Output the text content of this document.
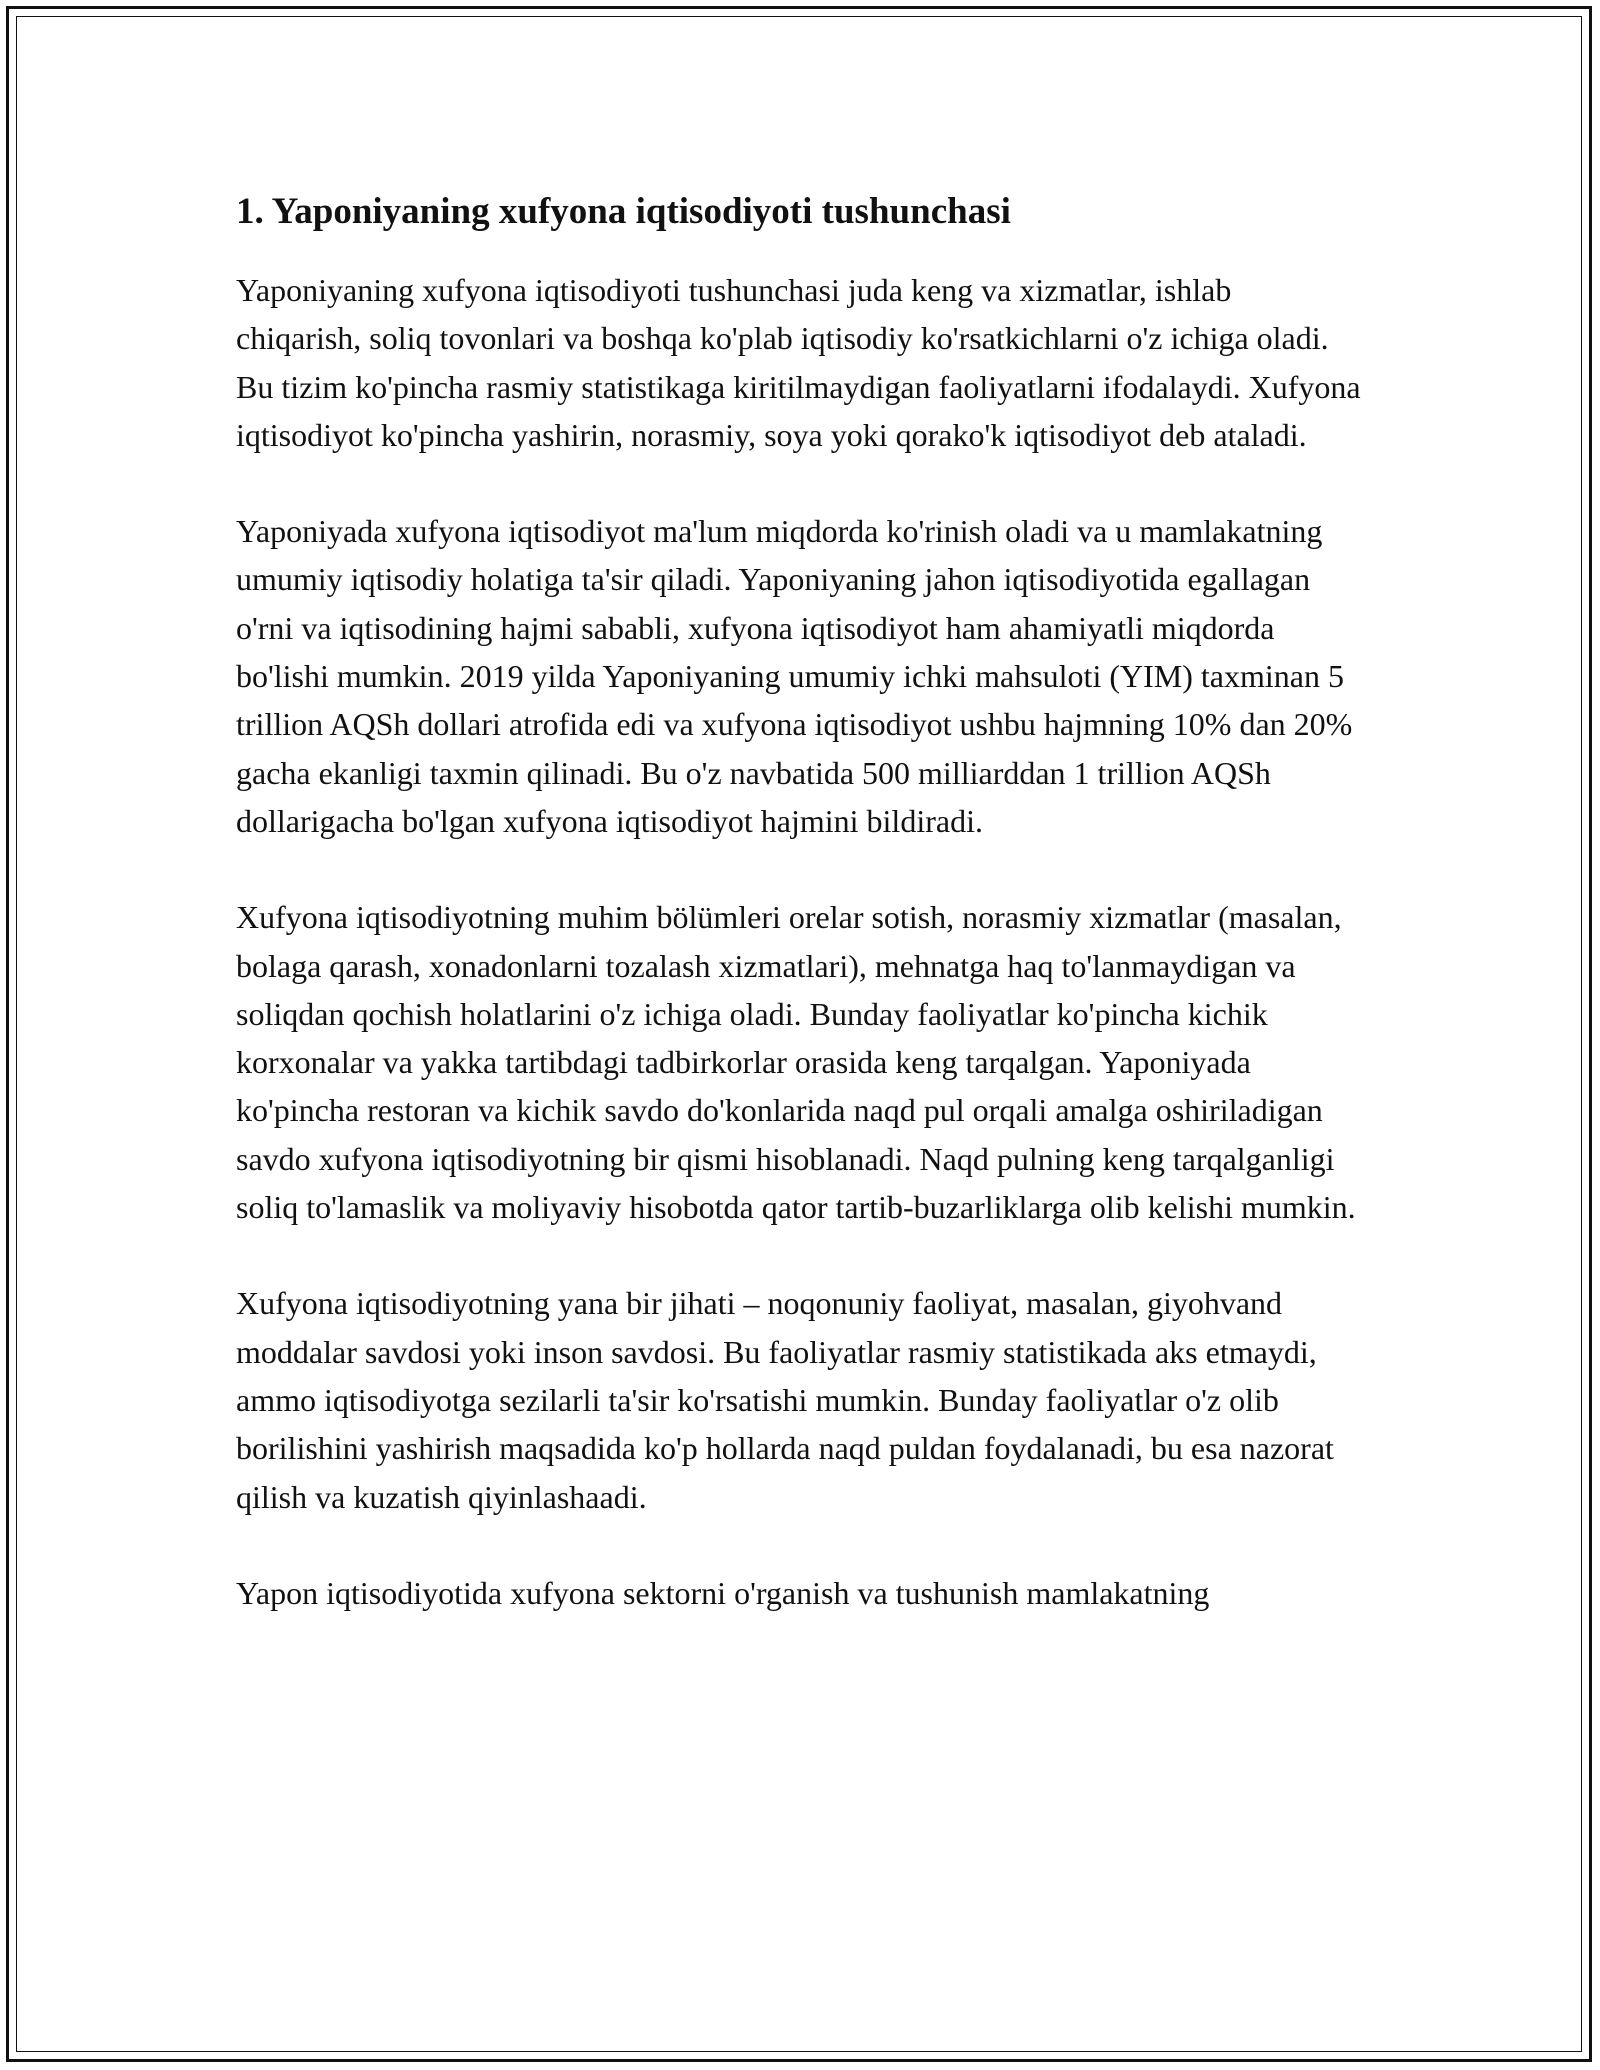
1. Yaponiyaning xufyona iqtisodiyoti tushunchasi

Yaponiyaning xufyona iqtisodiyoti tushunchasi juda keng va xizmatlar, ishlab chiqarish, soliq tovonlari va boshqa ko'plab iqtisodiy ko'rsatkichlarni o'z ichiga oladi. Bu tizim ko'pincha rasmiy statistikaga kiritilmaydigan faoliyatlarni ifodalaydi. Xufyona iqtisodiyot ko'pincha yashirin, norasmiy, soya yoki qorako'k iqtisodiyot deb ataladi.

Yaponiyada xufyona iqtisodiyot ma'lum miqdorda ko'rinish oladi va u mamlakatning umumiy iqtisodiy holatiga ta'sir qiladi. Yaponiyaning jahon iqtisodiyotida egallagan o'rni va iqtisodining hajmi sababli, xufyona iqtisodiyot ham ahamiyatli miqdorda bo'lishi mumkin. 2019 yilda Yaponiyaning umumiy ichki mahsuloti (YIM) taxminan 5 trillion AQSh dollari atrofida edi va xufyona iqtisodiyot ushbu hajmning 10% dan 20% gacha ekanligi taxmin qilinadi. Bu o'z navbatida 500 milliarddan 1 trillion AQSh dollarigacha bo'lgan xufyona iqtisodiyot hajmini bildiradi.

Xufyona iqtisodiyotning muhim bölümleri orelar sotish, norasmiy xizmatlar (masalan, bolaga qarash, xonadonlarni tozalash xizmatlari), mehnatga haq to'lanmaydigan va soliqdan qochish holatlarini o'z ichiga oladi. Bunday faoliyatlar ko'pincha kichik korxonalar va yakka tartibdagi tadbirkorlar orasida keng tarqalgan. Yaponiyada ko'pincha restoran va kichik savdo do'konlarida naqd pul orqali amalga oshiriladigan savdo xufyona iqtisodiyotning bir qismi hisoblanadi. Naqd pulning keng tarqalganligi soliq to'lamaslik va moliyaviy hisobotda qator tartib-buzarliklarga olib kelishi mumkin.

Xufyona iqtisodiyotning yana bir jihati – noqonuniy faoliyat, masalan, giyohvand moddalar savdosi yoki inson savdosi. Bu faoliyatlar rasmiy statistikada aks etmaydi, ammo iqtisodiyotga sezilarli ta'sir ko'rsatishi mumkin. Bunday faoliyatlar o'z olib borilishini yashirish maqsadida ko'p hollarda naqd puldan foydalanadi, bu esa nazorat qilish va kuzatish qiyinlashaadi.

Yapon iqtisodiyotida xufyona sektorni o'rganish va tushunish mamlakatning
